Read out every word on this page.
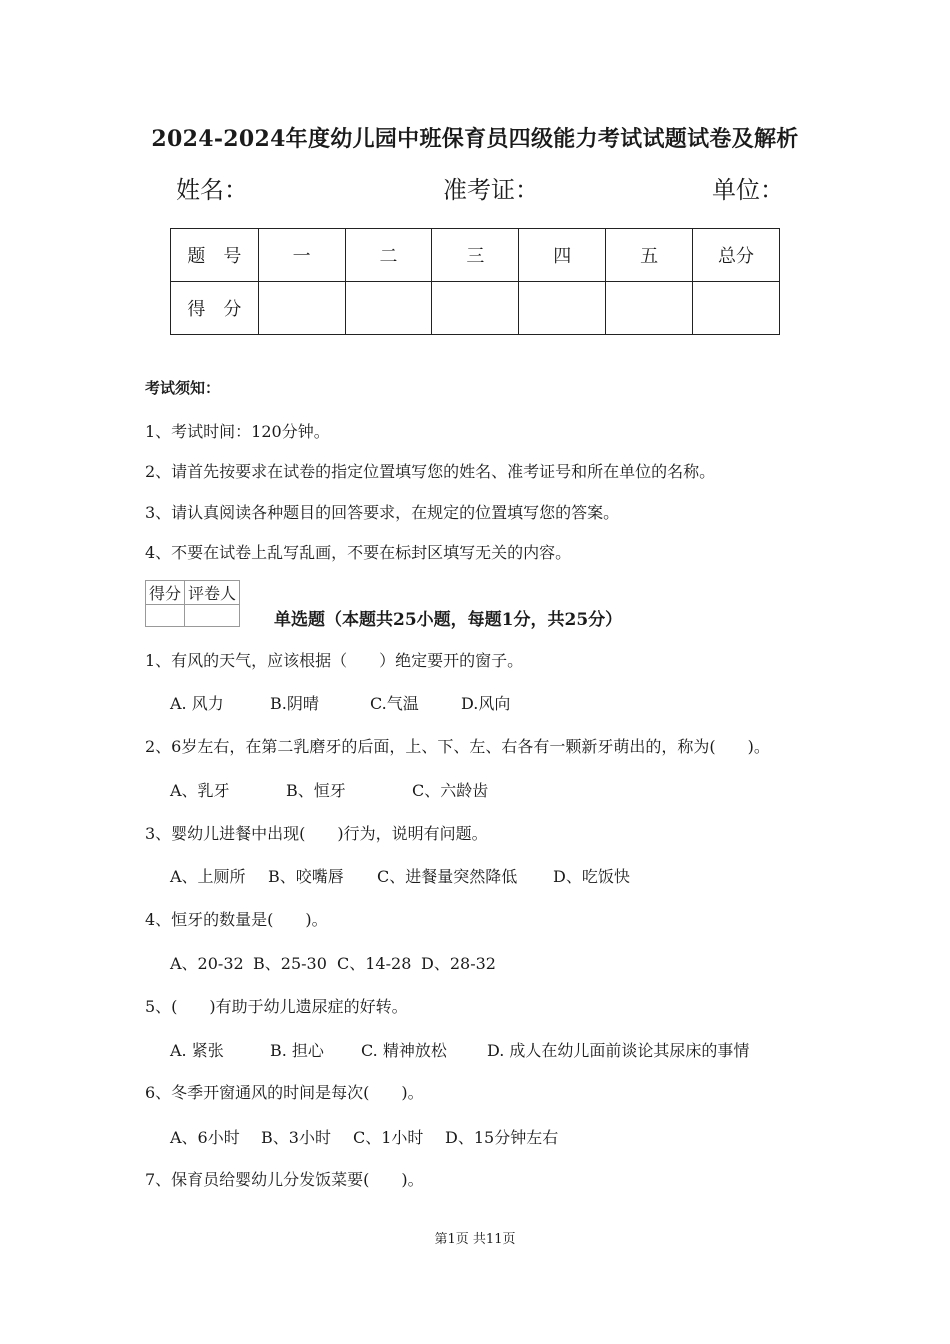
2024-2024年度幼儿园中班保育员四级能力考试试题试卷及解析
姓名：	准考证：	单位：
题　号	一	二	三	四	五	总分
得　分						
考试须知：
1、考试时间：120分钟。
2、请首先按要求在试卷的指定位置填写您的姓名、准考证号和所在单位的名称。
3、请认真阅读各种题目的回答要求，在规定的位置填写您的答案。
4、不要在试卷上乱写乱画，不要在标封区填写无关的内容。
得分	评卷人

单选题（本题共25小题，每题1分，共25分）
1、有风的天气，应该根据（　　）绝定要开的窗子。
A. 风力	B.阴晴	C.气温	D.风向
2、6岁左右，在第二乳磨牙的后面，上、下、左、右各有一颗新牙萌出的，称为(　　)。
A、乳牙	B、恒牙	C、六龄齿
3、婴幼儿进餐中出现(　　)行为，说明有问题。
A、上厕所 B、咬嘴唇 C、进餐量突然降低 D、吃饭快
4、恒牙的数量是(　　)。
A、20-32 B、25-30 C、14-28 D、28-32
5、(　　)有助于幼儿遗尿症的好转。
A. 紧张	B. 担心 C. 精神放松	D. 成人在幼儿面前谈论其尿床的事情
6、冬季开窗通风的时间是每次(　　)。
A、6小时 B、3小时 C、1小时 D、15分钟左右
7、保育员给婴幼儿分发饭菜要(　　)。
第1页 共11页
